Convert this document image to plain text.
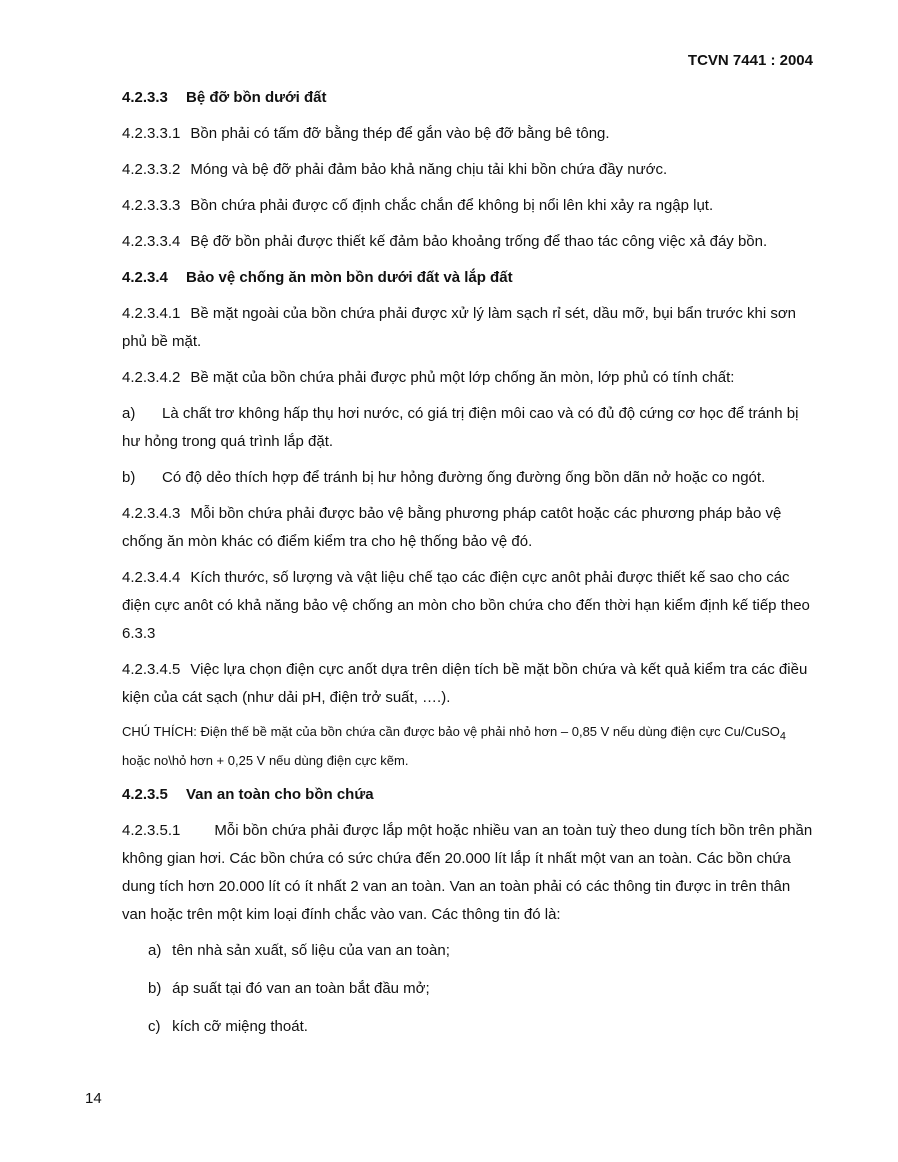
TCVN 7441 : 2004
4.2.3.3 Bệ đỡ bồn dưới đất
4.2.3.3.1 Bồn phải có tấm đỡ bằng thép để gắn vào bệ đỡ bằng bê tông.
4.2.3.3.2 Móng và bệ đỡ phải đảm bảo khả năng chịu tải khi bồn chứa đầy nước.
4.2.3.3.3 Bồn chứa phải được cố định chắc chắn để không bị nổi lên khi xảy ra ngập lụt.
4.2.3.3.4 Bệ đỡ bồn phải được thiết kế đảm bảo khoảng trống để thao tác công việc xả đáy bồn.
4.2.3.4 Bảo vệ chống ăn mòn bồn dưới đất và lắp đất
4.2.3.4.1 Bề mặt ngoài của bồn chứa phải được xử lý làm sạch rỉ sét, dầu mỡ, bụi bẩn trước khi sơn phủ bề mặt.
4.2.3.4.2 Bề mặt của bồn chứa phải được phủ một lớp chống ăn mòn, lớp phủ có tính chất:
a) Là chất trơ không hấp thụ hơi nước, có giá trị điện môi cao và có đủ độ cứng cơ học để tránh bị hư hỏng trong quá trình lắp đặt.
b) Có độ dẻo thích hợp để tránh bị hư hỏng đường ống đường ống bồn dãn nở hoặc co ngót.
4.2.3.4.3 Mỗi bồn chứa phải được bảo vệ bằng phương pháp catôt hoặc các phương pháp bảo vệ chống ăn mòn khác có điểm kiểm tra cho hệ thống bảo vệ đó.
4.2.3.4.4 Kích thước, số lượng và vật liệu chế tạo các điện cực anôt phải được thiết kế sao cho các điện cực anôt có khả năng bảo vệ chống an mòn cho bồn chứa cho đến thời hạn kiểm định kế tiếp theo 6.3.3
4.2.3.4.5 Việc lựa chọn điện cực anốt dựa trên diện tích bề mặt bồn chứa và kết quả kiểm tra các điều kiện của cát sạch (như dải pH, điện trở suất, ….).
CHÚ THÍCH: Điện thế bề mặt của bồn chứa cần được bảo vệ phải nhỏ hơn – 0,85 V nếu dùng điện cực Cu/CuSO$_4$ hoặc no\hỏ hơn + 0,25 V nếu dùng điện cực kẽm.
4.2.3.5 Van an toàn cho bồn chứa
4.2.3.5.1 Mỗi bồn chứa phải được lắp một hoặc nhiều van an toàn tuỳ theo dung tích bồn trên phần không gian hơi. Các bồn chứa có sức chứa đến 20.000 lít lắp ít nhất một van an toàn. Các bồn chứa dung tích hơn 20.000 lít có ít nhất 2 van an toàn. Van an toàn phải có các thông tin được in trên thân van hoặc trên một kim loại đính chắc vào van. Các thông tin đó là:
a) tên nhà sản xuất, số liệu của van an toàn;
b) áp suất tại đó van an toàn bắt đầu mở;
c) kích cỡ miệng thoát.
14
